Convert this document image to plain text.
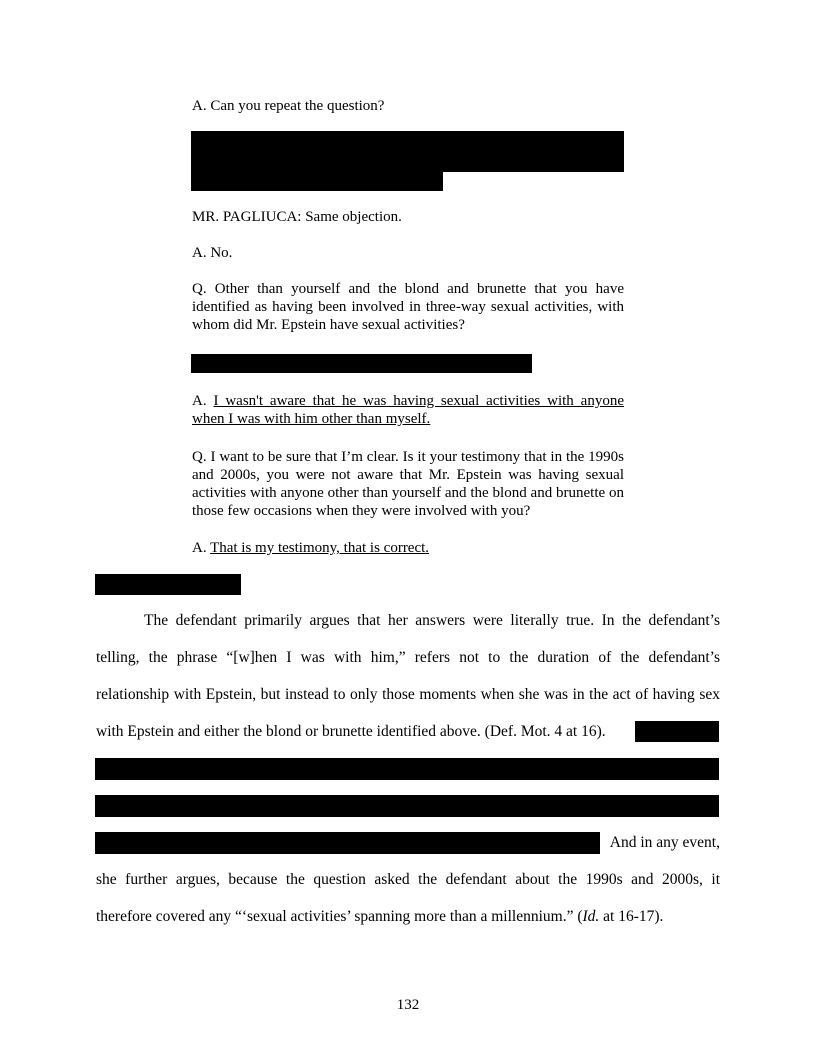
A. Can you repeat the question?
MR. PAGLIUCA: Same objection.
A. No.
Q. Other than yourself and the blond and brunette that you have identified as having been involved in three-way sexual activities, with whom did Mr. Epstein have sexual activities?
A. I wasn't aware that he was having sexual activities with anyone when I was with him other than myself.
Q. I want to be sure that I’m clear. Is it your testimony that in the 1990s and 2000s, you were not aware that Mr. Epstein was having sexual activities with anyone other than yourself and the blond and brunette on those few occasions when they were involved with you?
A. That is my testimony, that is correct.
The defendant primarily argues that her answers were literally true. In the defendant’s
telling, the phrase “[w]hen I was with him,” refers not to the duration of the defendant’s
relationship with Epstein, but instead to only those moments when she was in the act of having sex
with Epstein and either the blond or brunette identified above. (Def. Mot. 4 at 16).
And in any event,
she further argues, because the question asked the defendant about the 1990s and 2000s, it
therefore covered any “‘sexual activities’ spanning more than a millennium.” (Id. at 16-17).
132
